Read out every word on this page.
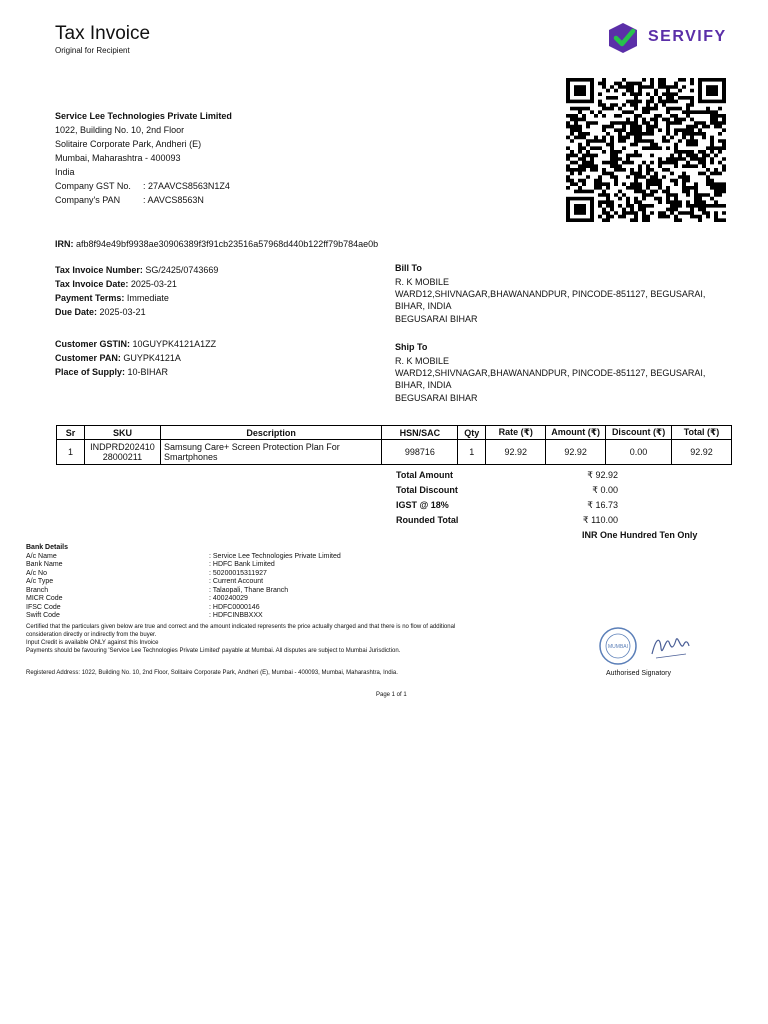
Tax Invoice
Original for Recipient
SERVIFY
Service Lee Technologies Private Limited
1022, Building No. 10, 2nd Floor
Solitaire Corporate Park, Andheri (E)
Mumbai, Maharashtra - 400093
India
Company GST No.	: 27AAVCS8563N1Z4
Company's PAN	: AAVCS8563N
IRN: afb8f94e49bf9938ae30906389f3f91cb23516a57968d440b122ff79b784ae0b
Tax Invoice Number: SG/2425/0743669
Tax Invoice Date: 2025-03-21
Payment Terms: Immediate
Due Date: 2025-03-21
Bill To
R. K MOBILE
WARD12,SHIVNAGAR,BHAWANANDPUR, PINCODE-851127, BEGUSARAI, BIHAR, INDIA
BEGUSARAI BIHAR
Customer GSTIN: 10GUYPK4121A1ZZ
Customer PAN: GUYPK4121A
Place of Supply: 10-BIHAR
Ship To
R. K MOBILE
WARD12,SHIVNAGAR,BHAWANANDPUR, PINCODE-851127, BEGUSARAI, BIHAR, INDIA
BEGUSARAI BIHAR
Sr	SKU	Description	HSN/SAC	Qty	Rate (₹)	Amount (₹)	Discount (₹)	Total (₹)
1	INDPRD202410 28000211	Samsung Care+ Screen Protection Plan For Smartphones	998716	1	92.92	92.92	0.00	92.92
Total Amount	₹ 92.92
Total Discount	₹ 0.00
IGST @ 18%	₹ 16.73
Rounded Total	₹ 110.00
INR One Hundred Ten Only
Bank Details
A/c Name	: Service Lee Technologies Private Limited
Bank Name	: HDFC Bank Limited
A/c No	: 50200015311927
A/c Type	: Current Account
Branch	: Talaopali, Thane Branch
MICR Code	: 400240029
IFSC Code	: HDFC0000146
Swift Code	: HDFCINBBXXX
Certified that the particulars given below are true and correct and the amount indicated represents the price actually charged and that there is no flow of additional
consideration directly or indirectly from the buyer.
Input Credit is available ONLY against this Invoice
Payments should be favouring 'Service Lee Technologies Private Limited' payable at Mumbai. All disputes are subject to Mumbai Jurisdiction.
MUMBAI
Registered Address: 1022, Building No. 10, 2nd Floor, Solitaire Corporate Park, Andheri (E), Mumbai - 400093, Mumbai, Maharashtra, India.	Authorised Signatory
Page 1 of 1
